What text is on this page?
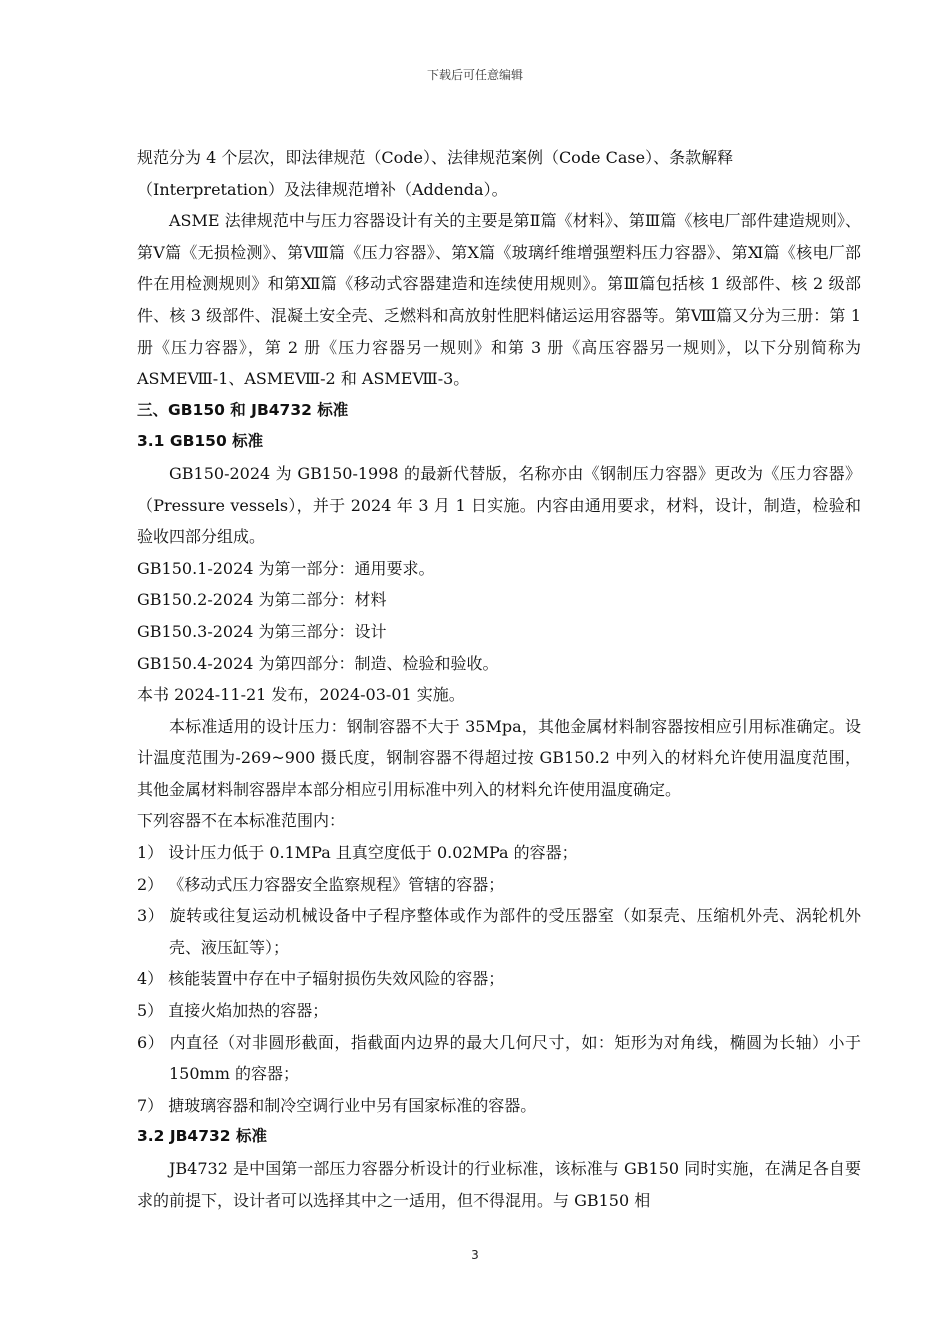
下载后可任意编辑

规范分为 4 个层次，即法律规范（Code）、法律规范案例（Code Case）、条款解释（Interpretation）及法律规范增补（Addenda）。

ASME 法律规范中与压力容器设计有关的主要是第Ⅱ篇《材料》、第Ⅲ篇《核电厂部件建造规则》、第Ⅴ篇《无损检测》、第Ⅷ篇《压力容器》、第Ⅹ篇《玻璃纤维增强塑料压力容器》、第Ⅺ篇《核电厂部件在用检测规则》和第Ⅻ篇《移动式容器建造和连续使用规则》。第Ⅲ篇包括核 1 级部件、核 2 级部件、核 3 级部件、混凝土安全壳、乏燃料和高放射性肥料储运运用容器等。第Ⅷ篇又分为三册：第 1 册《压力容器》，第 2 册《压力容器另一规则》和第 3 册《高压容器另一规则》，以下分别简称为 ASMEⅧ-1、ASMEⅧ-2 和 ASMEⅧ-3。

三、GB150 和 JB4732 标准

3.1 GB150 标准

GB150-2024 为 GB150-1998 的最新代替版，名称亦由《钢制压力容器》更改为《压力容器》（Pressure vessels），并于 2024 年 3 月 1 日实施。内容由通用要求，材料，设计，制造，检验和验收四部分组成。

GB150.1-2024 为第一部分：通用要求。

GB150.2-2024 为第二部分：材料

GB150.3-2024 为第三部分：设计

GB150.4-2024 为第四部分：制造、检验和验收。

本书 2024-11-21 发布，2024-03-01 实施。

本标准适用的设计压力：钢制容器不大于 35Mpa，其他金属材料制容器按相应引用标准确定。设计温度范围为-269~900 摄氏度，钢制容器不得超过按 GB150.2 中列入的材料允许使用温度范围，其他金属材料制容器岸本部分相应引用标准中列入的材料允许使用温度确定。

下列容器不在本标准范围内：

1） 设计压力低于 0.1MPa 且真空度低于 0.02MPa 的容器；

2） 《移动式压力容器安全监察规程》管辖的容器；

3） 旋转或往复运动机械设备中子程序整体或作为部件的受压器室（如泵壳、压缩机外壳、涡轮机外壳、液压缸等）；

4） 核能装置中存在中子辐射损伤失效风险的容器；

5） 直接火焰加热的容器；

6） 内直径（对非圆形截面，指截面内边界的最大几何尺寸，如：矩形为对角线，椭圆为长轴）小于 150mm 的容器；

7） 搪玻璃容器和制冷空调行业中另有国家标准的容器。

3.2 JB4732 标准

JB4732 是中国第一部压力容器分析设计的行业标准，该标准与 GB150 同时实施，在满足各自要求的前提下，设计者可以选择其中之一适用，但不得混用。与 GB150 相

3
